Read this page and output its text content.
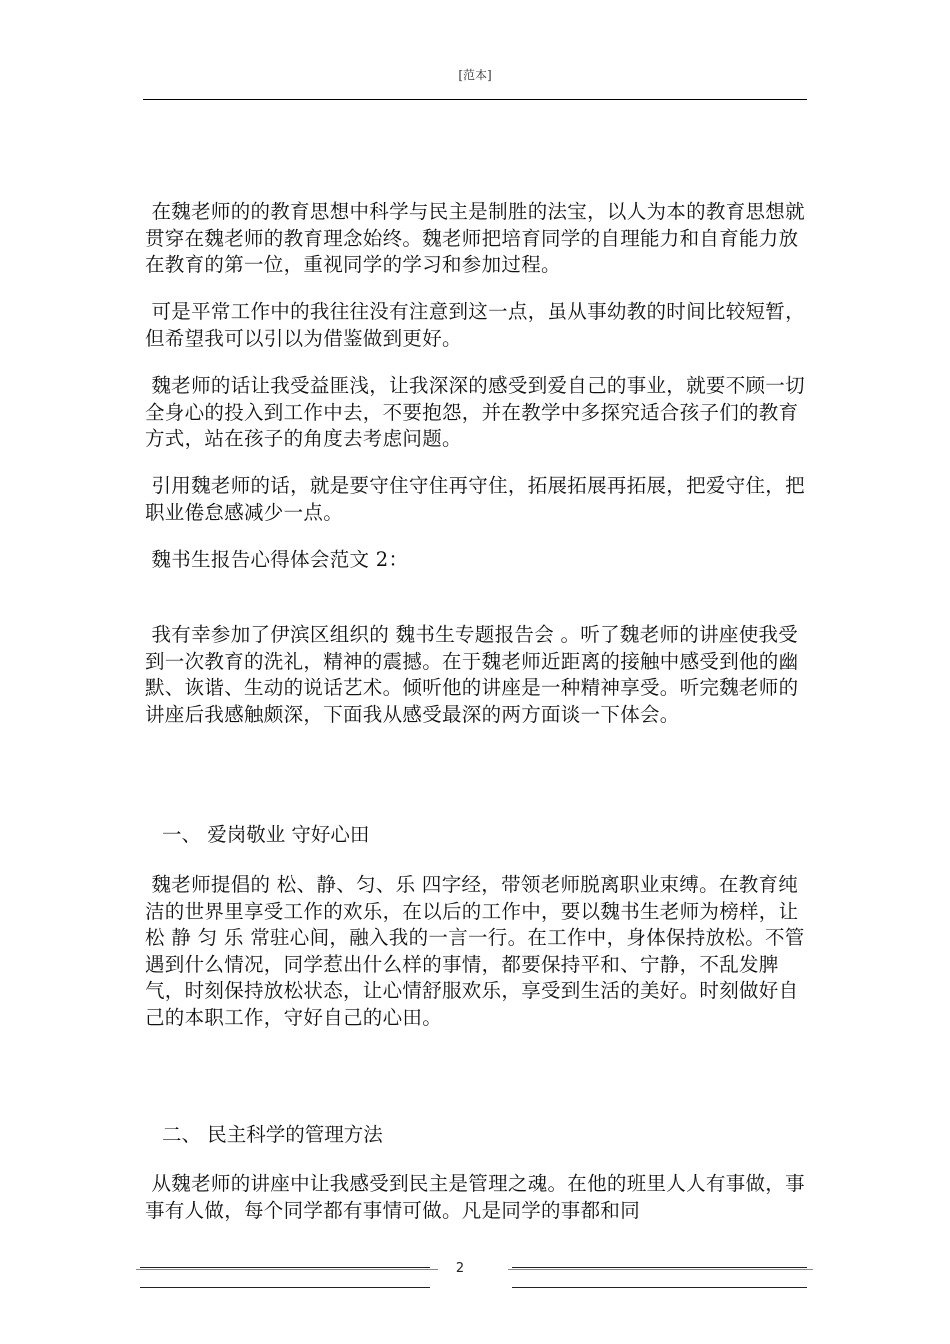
[范本]

在魏老师的的教育思想中科学与民主是制胜的法宝，以人为本的教育思想就贯穿在魏老师的教育理念始终。魏老师把培育同学的自理能力和自育能力放在教育的第一位，重视同学的学习和参加过程。

可是平常工作中的我往往没有注意到这一点，虽从事幼教的时间比较短暂，但希望我可以引以为借鉴做到更好。

魏老师的话让我受益匪浅，让我深深的感受到爱自己的事业，就要不顾一切全身心的投入到工作中去，不要抱怨，并在教学中多探究适合孩子们的教育方式，站在孩子的角度去考虑问题。

引用魏老师的话，就是要守住守住再守住，拓展拓展再拓展，把爱守住，把职业倦怠感减少一点。

魏书生报告心得体会范文 2：

我有幸参加了伊滨区组织的 魏书生专题报告会 。听了魏老师的讲座使我受到一次教育的洗礼，精神的震撼。在于魏老师近距离的接触中感受到他的幽默、诙谐、生动的说话艺术。倾听他的讲座是一种精神享受。听完魏老师的讲座后我感触颇深，下面我从感受最深的两方面谈一下体会。

一、 爱岗敬业 守好心田

魏老师提倡的 松、静、匀、乐 四字经，带领老师脱离职业束缚。在教育纯洁的世界里享受工作的欢乐，在以后的工作中，要以魏书生老师为榜样，让 松 静 匀 乐 常驻心间，融入我的一言一行。在工作中，身体保持放松。不管遇到什么情况，同学惹出什么样的事情，都要保持平和、宁静，不乱发脾气，时刻保持放松状态，让心情舒服欢乐，享受到生活的美好。时刻做好自己的本职工作，守好自己的心田。

二、 民主科学的管理方法

从魏老师的讲座中让我感受到民主是管理之魂。在他的班里人人有事做，事事有人做，每个同学都有事情可做。凡是同学的事都和同

2
